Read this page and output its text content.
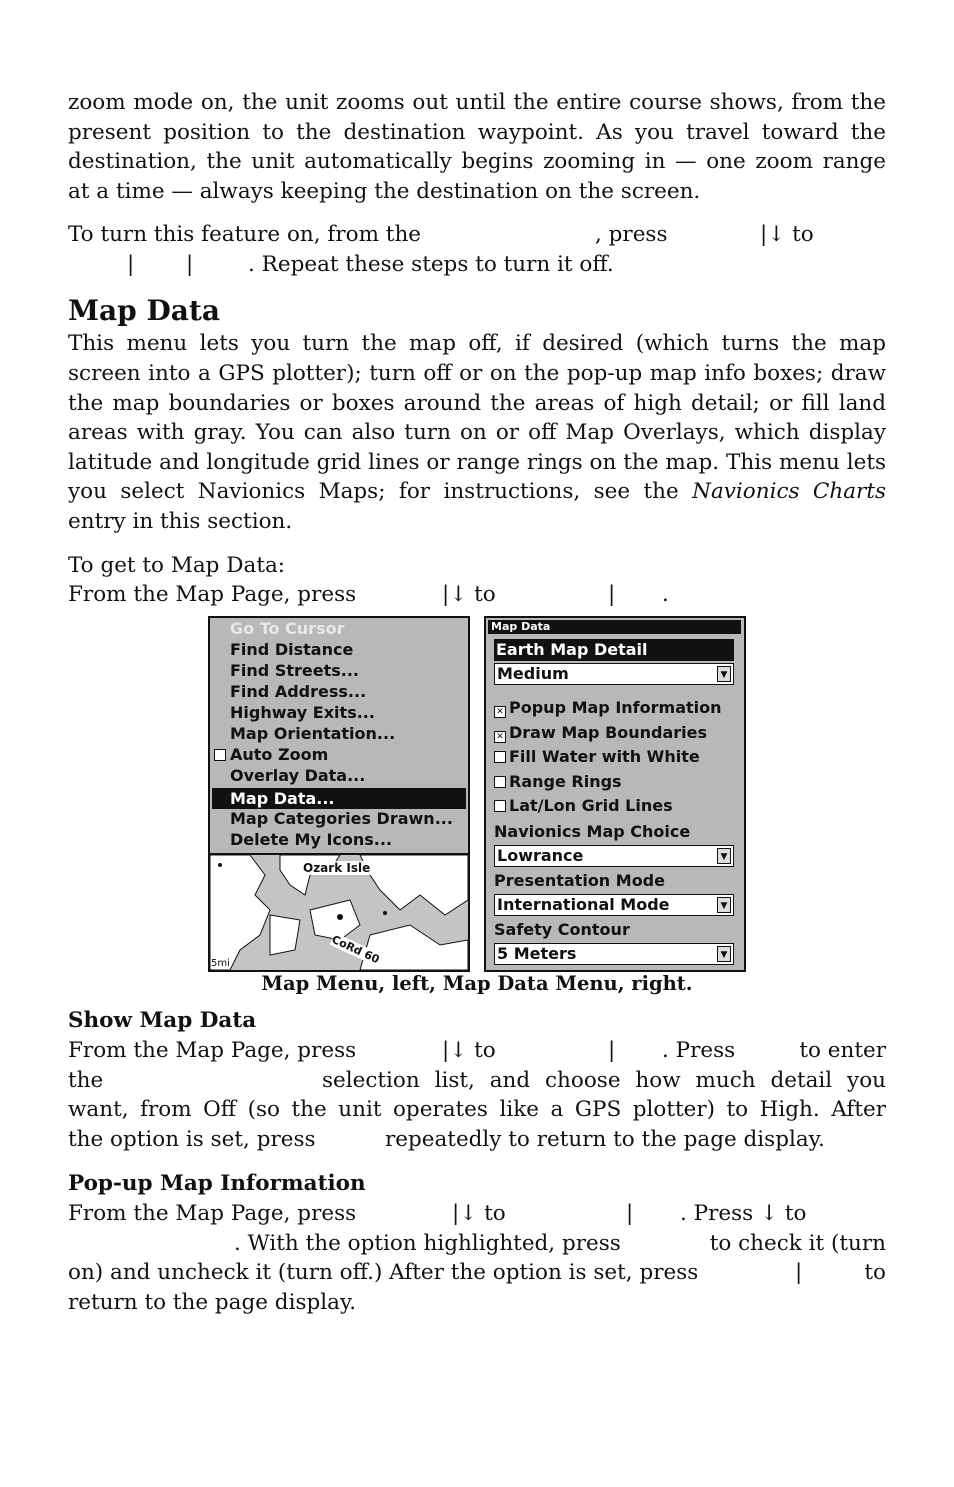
zoom mode on, the unit zooms out until the entire course shows, from the present position to the destination waypoint. As you travel toward the destination, the unit automatically begins zooming in — one zoom range at a time — always keeping the destination on the screen.

To turn this feature on, from the	, press	|↓ to
| |	. Repeat these steps to turn it off.

Map Data

This menu lets you turn the map off, if desired (which turns the map screen into a GPS plotter); turn off or on the pop-up map info boxes; draw the map boundaries or boxes around the areas of high detail; or fill land areas with gray. You can also turn on or off Map Overlays, which display latitude and longitude grid lines or range rings on the map. This menu lets you select Navionics Maps; for instructions, see the Navionics Charts entry in this section.

To get to Map Data:

From the Map Page, press	|↓ to	| .

Go To Cursor
Find Distance
Find Streets...
Find Address...
Highway Exits...
Map Orientation...
Auto Zoom
Overlay Data...
Map Data...
Map Categories Drawn...
Delete My Icons...
Ozark Isle
5mi	CoRd 60
Map Data
Earth Map Detail
Medium	▼
✕ Popup Map Information
✕ Draw Map Boundaries
Fill Water with White
Range Rings
Lat/Lon Grid Lines
Navionics Map Choice
Lowrance	▼
Presentation Mode
International Mode	▼
Safety Contour
5 Meters	▼
Map Menu, left, Map Data Menu, right.
Show Map Data
From the Map Page, press	|↓ to	| . Press	to enter
the	selection list, and choose how much detail you
want, from Off (so the unit operates like a GPS plotter) to High. After
the option is set, press	repeatedly to return to the page display.
Pop-up Map Information
From the Map Page, press	|↓ to	| . Press ↓ to
. With the option highlighted, press	to check it (turn
on) and uncheck it (turn off.) After the option is set, press	|	to
return to the page display.
